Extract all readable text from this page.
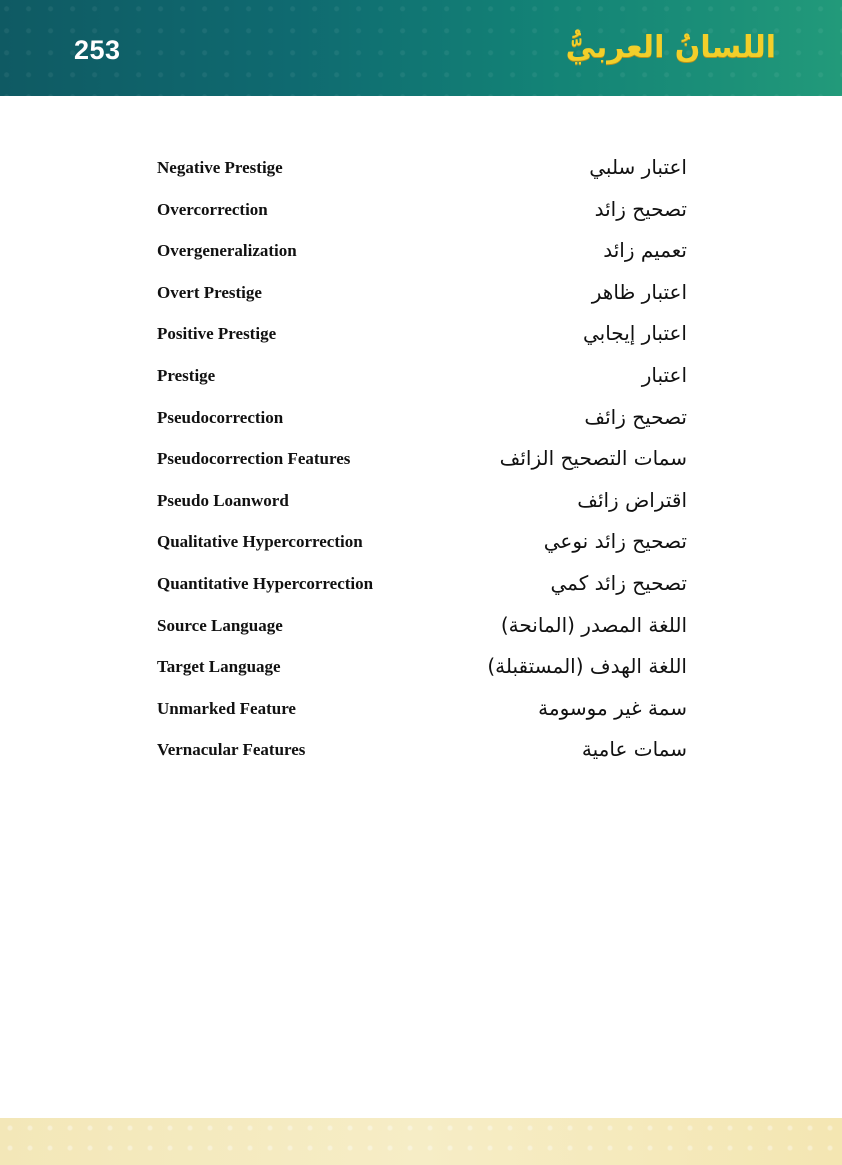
253	اللسانُ العربيُّ
Negative Prestige	اعتبار سلبي
Overcorrection	تصحيح زائد
Overgeneralization	تعميم زائد
Overt Prestige	اعتبار ظاهر
Positive Prestige	اعتبار إيجابي
Prestige	اعتبار
Pseudocorrection	تصحيح زائف
Pseudocorrection Features	سمات التصحيح الزائف
Pseudo Loanword	اقتراض زائف
Qualitative Hypercorrection	تصحيح زائد نوعي
Quantitative Hypercorrection	تصحيح زائد كمي
Source Language	اللغة المصدر (المانحة)
Target Language	اللغة الهدف (المستقبلة)
Unmarked Feature	سمة غير موسومة
Vernacular Features	سمات عامية
